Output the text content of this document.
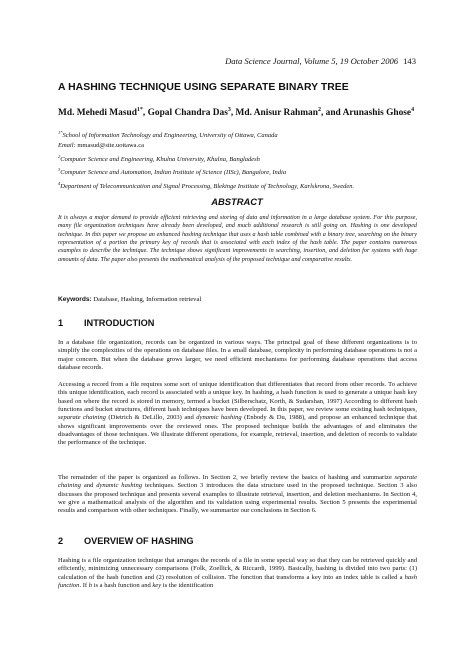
Data Science Journal, Volume 5, 19 October 2006 143
A HASHING TECHNIQUE USING SEPARATE BINARY TREE
Md. Mehedi Masud$^{1*}$, Gopal Chandra Das$^3$, Md. Anisur Rahman$^2$, and Arunashis Ghose$^4$
$^{1*}$School of Information Technology and Engineering, University of Ottawa, Canada
Email: mmasud@site.uottawa.ca
$^2$Computer Science and Engineering, Khulna University, Khulna, Bangladesh
$^3$Computer Science and Automation, Indian Institute of Science (IISc), Bangalore, India
$^4$Department of Telecommunication and Signal Processing, Blekinge Institute of Technology, Karlskrona, Sweden.
ABSTRACT
It is always a major demand to provide efficient retrieving and storing of data and information in a large database system. For this purpose, many file organization techniques have already been developed, and much additional research is still going on. Hashing is one developed technique. In this paper we propose an enhanced hashing technique that uses a hash table combined with a binary tree, searching on the binary representation of a portion the primary key of records that is associated with each index of the hash table. The paper contains numerous examples to describe the technique. The technique shows significant improvements in searching, insertion, and deletion for systems with huge amounts of data. The paper also presents the mathematical analysis of the proposed technique and comparative results.
Keywords: Database, Hashing, Information retrieval
1 INTRODUCTION
In a database file organization, records can be organized in various ways. The principal goal of these different organizations is to simplify the complexities of the operations on database files. In a small database, complexity in performing database operations is not a major concern. But when the database grows larger, we need efficient mechanisms for performing database operations that access database records.
Accessing a record from a file requires some sort of unique identification that differentiates that record from other records. To achieve this unique identification, each record is associated with a unique key. In hashing, a hash function is used to generate a unique hash key based on where the record is stored in memory, termed a bucket (Silberschatz, Korth, & Sudarshan, 1997) According to different hash functions and bucket structures, different hash techniques have been developed. In this paper, we review some existing hash techniques, separate chaining (Dietrich & DeLillo, 2003) and dynamic hashing (Enbody & Du, 1988), and propose an enhanced technique that shows significant improvements over the reviewed ones. The proposed technique builds the advantages of and eliminates the disadvantages of those techniques. We illustrate different operations, for example, retrieval, insertion, and deletion of records to validate the performance of the technique.
The remainder of the paper is organized as follows. In Section 2, we briefly review the basics of hashing and summarize separate chaining and dynamic hashing techniques. Section 3 introduces the data structure used in the proposed technique. Section 3 also discusses the proposed technique and presents several examples to illustrate retrieval, insertion, and deletion mechanisms. In Section 4, we give a mathematical analysis of the algorithm and its validation using experimental results. Section 5 presents the experimental results and comparison with other techniques. Finally, we summarize our conclusions in Section 6.
2 OVERVIEW OF HASHING
Hashing is a file organization technique that arranges the records of a file in some special way so that they can be retrieved quickly and efficiently, minimizing unnecessary comparisons (Folk, Zoellick, & Riccardi, 1999). Basically, hashing is divided into two parts: (1) calculation of the hash function and (2) resolution of collision. The function that transforms a key into an index table is called a hash function. If h is a hash function and key is the identification
